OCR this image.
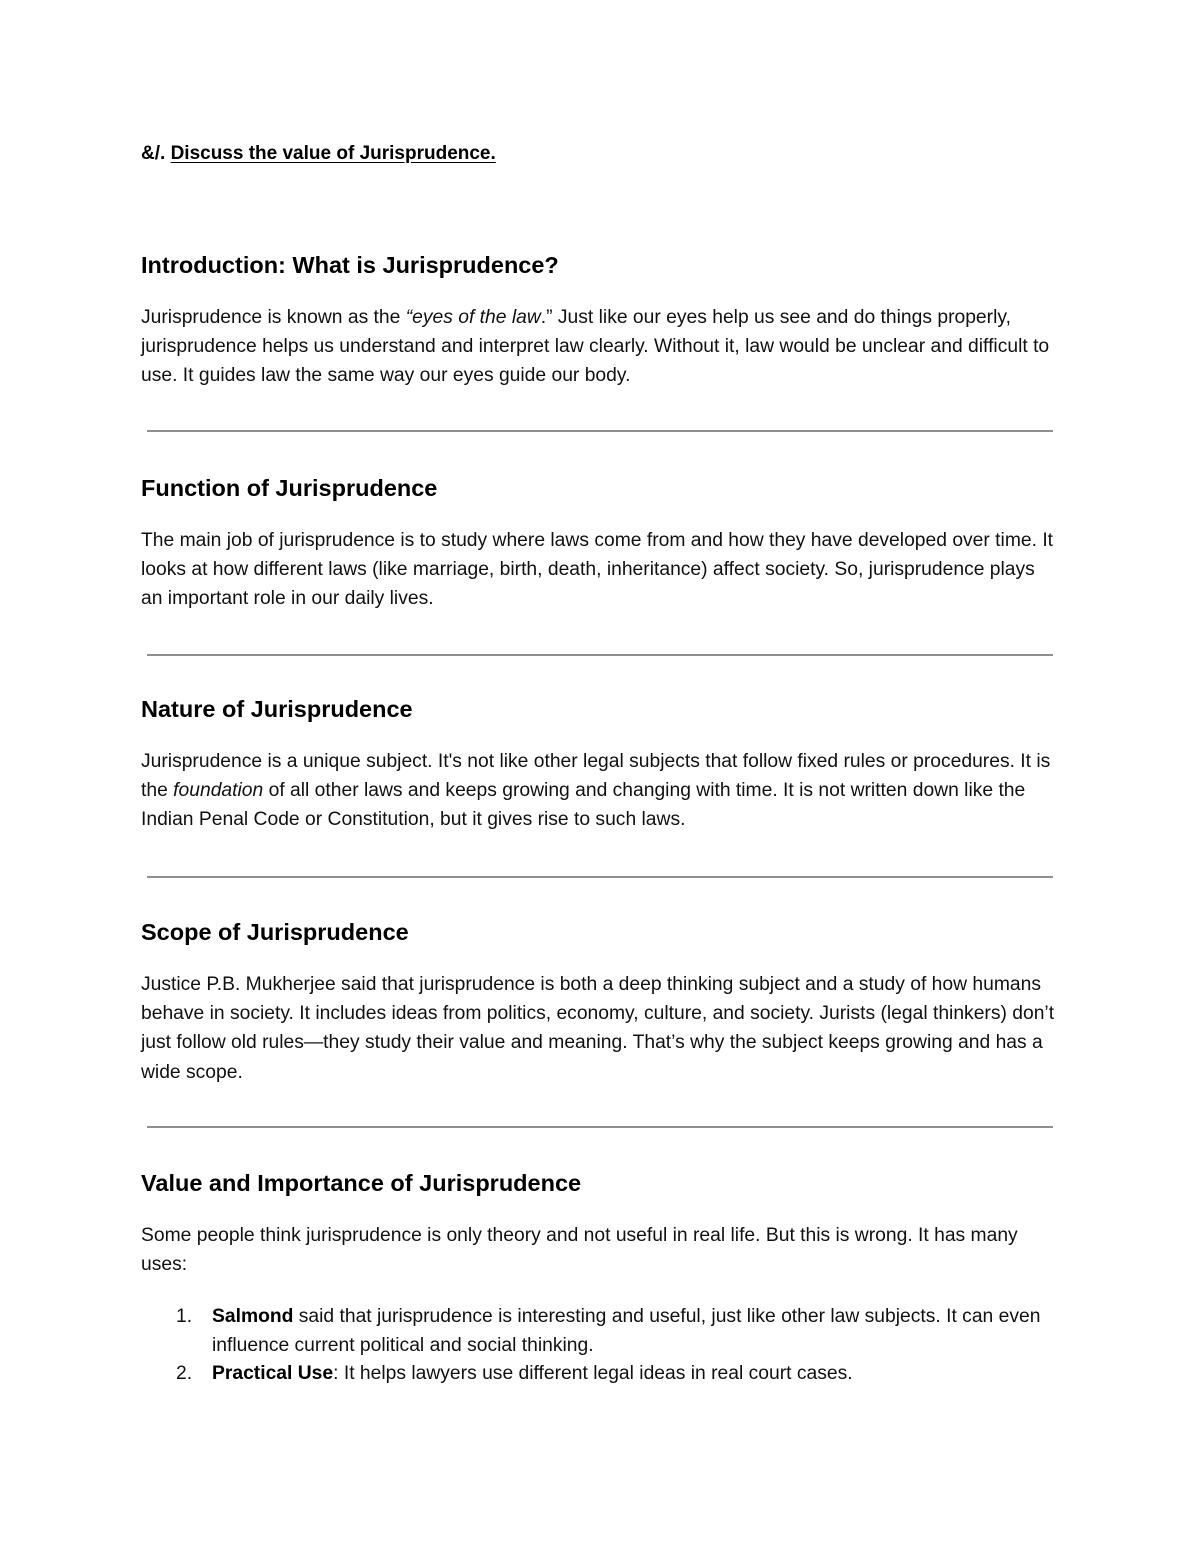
&/. Discuss the value of Jurisprudence.
Introduction: What is Jurisprudence?

Jurisprudence is known as the “eyes of the law.” Just like our eyes help us see and do things properly, jurisprudence helps us understand and interpret law clearly. Without it, law would be unclear and difficult to use. It guides law the same way our eyes guide our body.

Function of Jurisprudence

The main job of jurisprudence is to study where laws come from and how they have developed over time. It looks at how different laws (like marriage, birth, death, inheritance) affect society. So, jurisprudence plays an important role in our daily lives.

Nature of Jurisprudence

Jurisprudence is a unique subject. It's not like other legal subjects that follow fixed rules or procedures. It is the foundation of all other laws and keeps growing and changing with time. It is not written down like the Indian Penal Code or Constitution, but it gives rise to such laws.

Scope of Jurisprudence

Justice P.B. Mukherjee said that jurisprudence is both a deep thinking subject and a study of how humans behave in society. It includes ideas from politics, economy, culture, and society. Jurists (legal thinkers) don’t just follow old rules—they study their value and meaning. That’s why the subject keeps growing and has a wide scope.

Value and Importance of Jurisprudence

Some people think jurisprudence is only theory and not useful in real life. But this is wrong. It has many uses:

1. Salmond said that jurisprudence is interesting and useful, just like other law subjects. It can even influence current political and social thinking.
2. Practical Use: It helps lawyers use different legal ideas in real court cases.
